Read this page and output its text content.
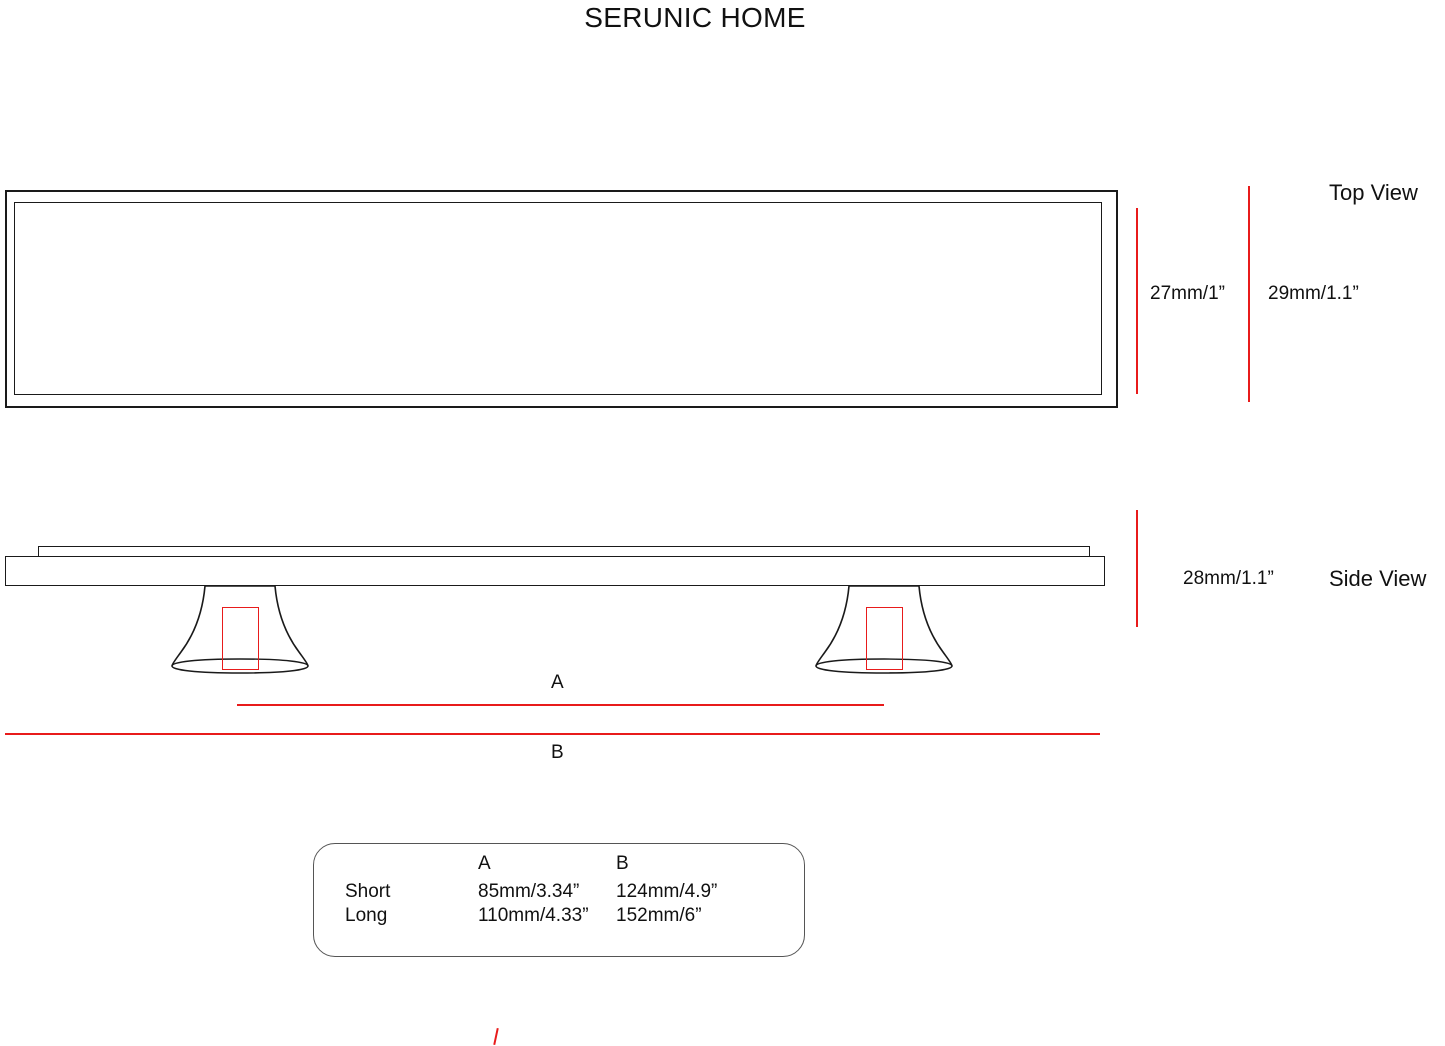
SERUNIC HOME
27mm/1” 29mm/1.1”
Top View
28mm/1.1”	Side View
A
B
	A	B
Short	85mm/3.34”	124mm/4.9”
Long	110mm/4.33”	152mm/6”
